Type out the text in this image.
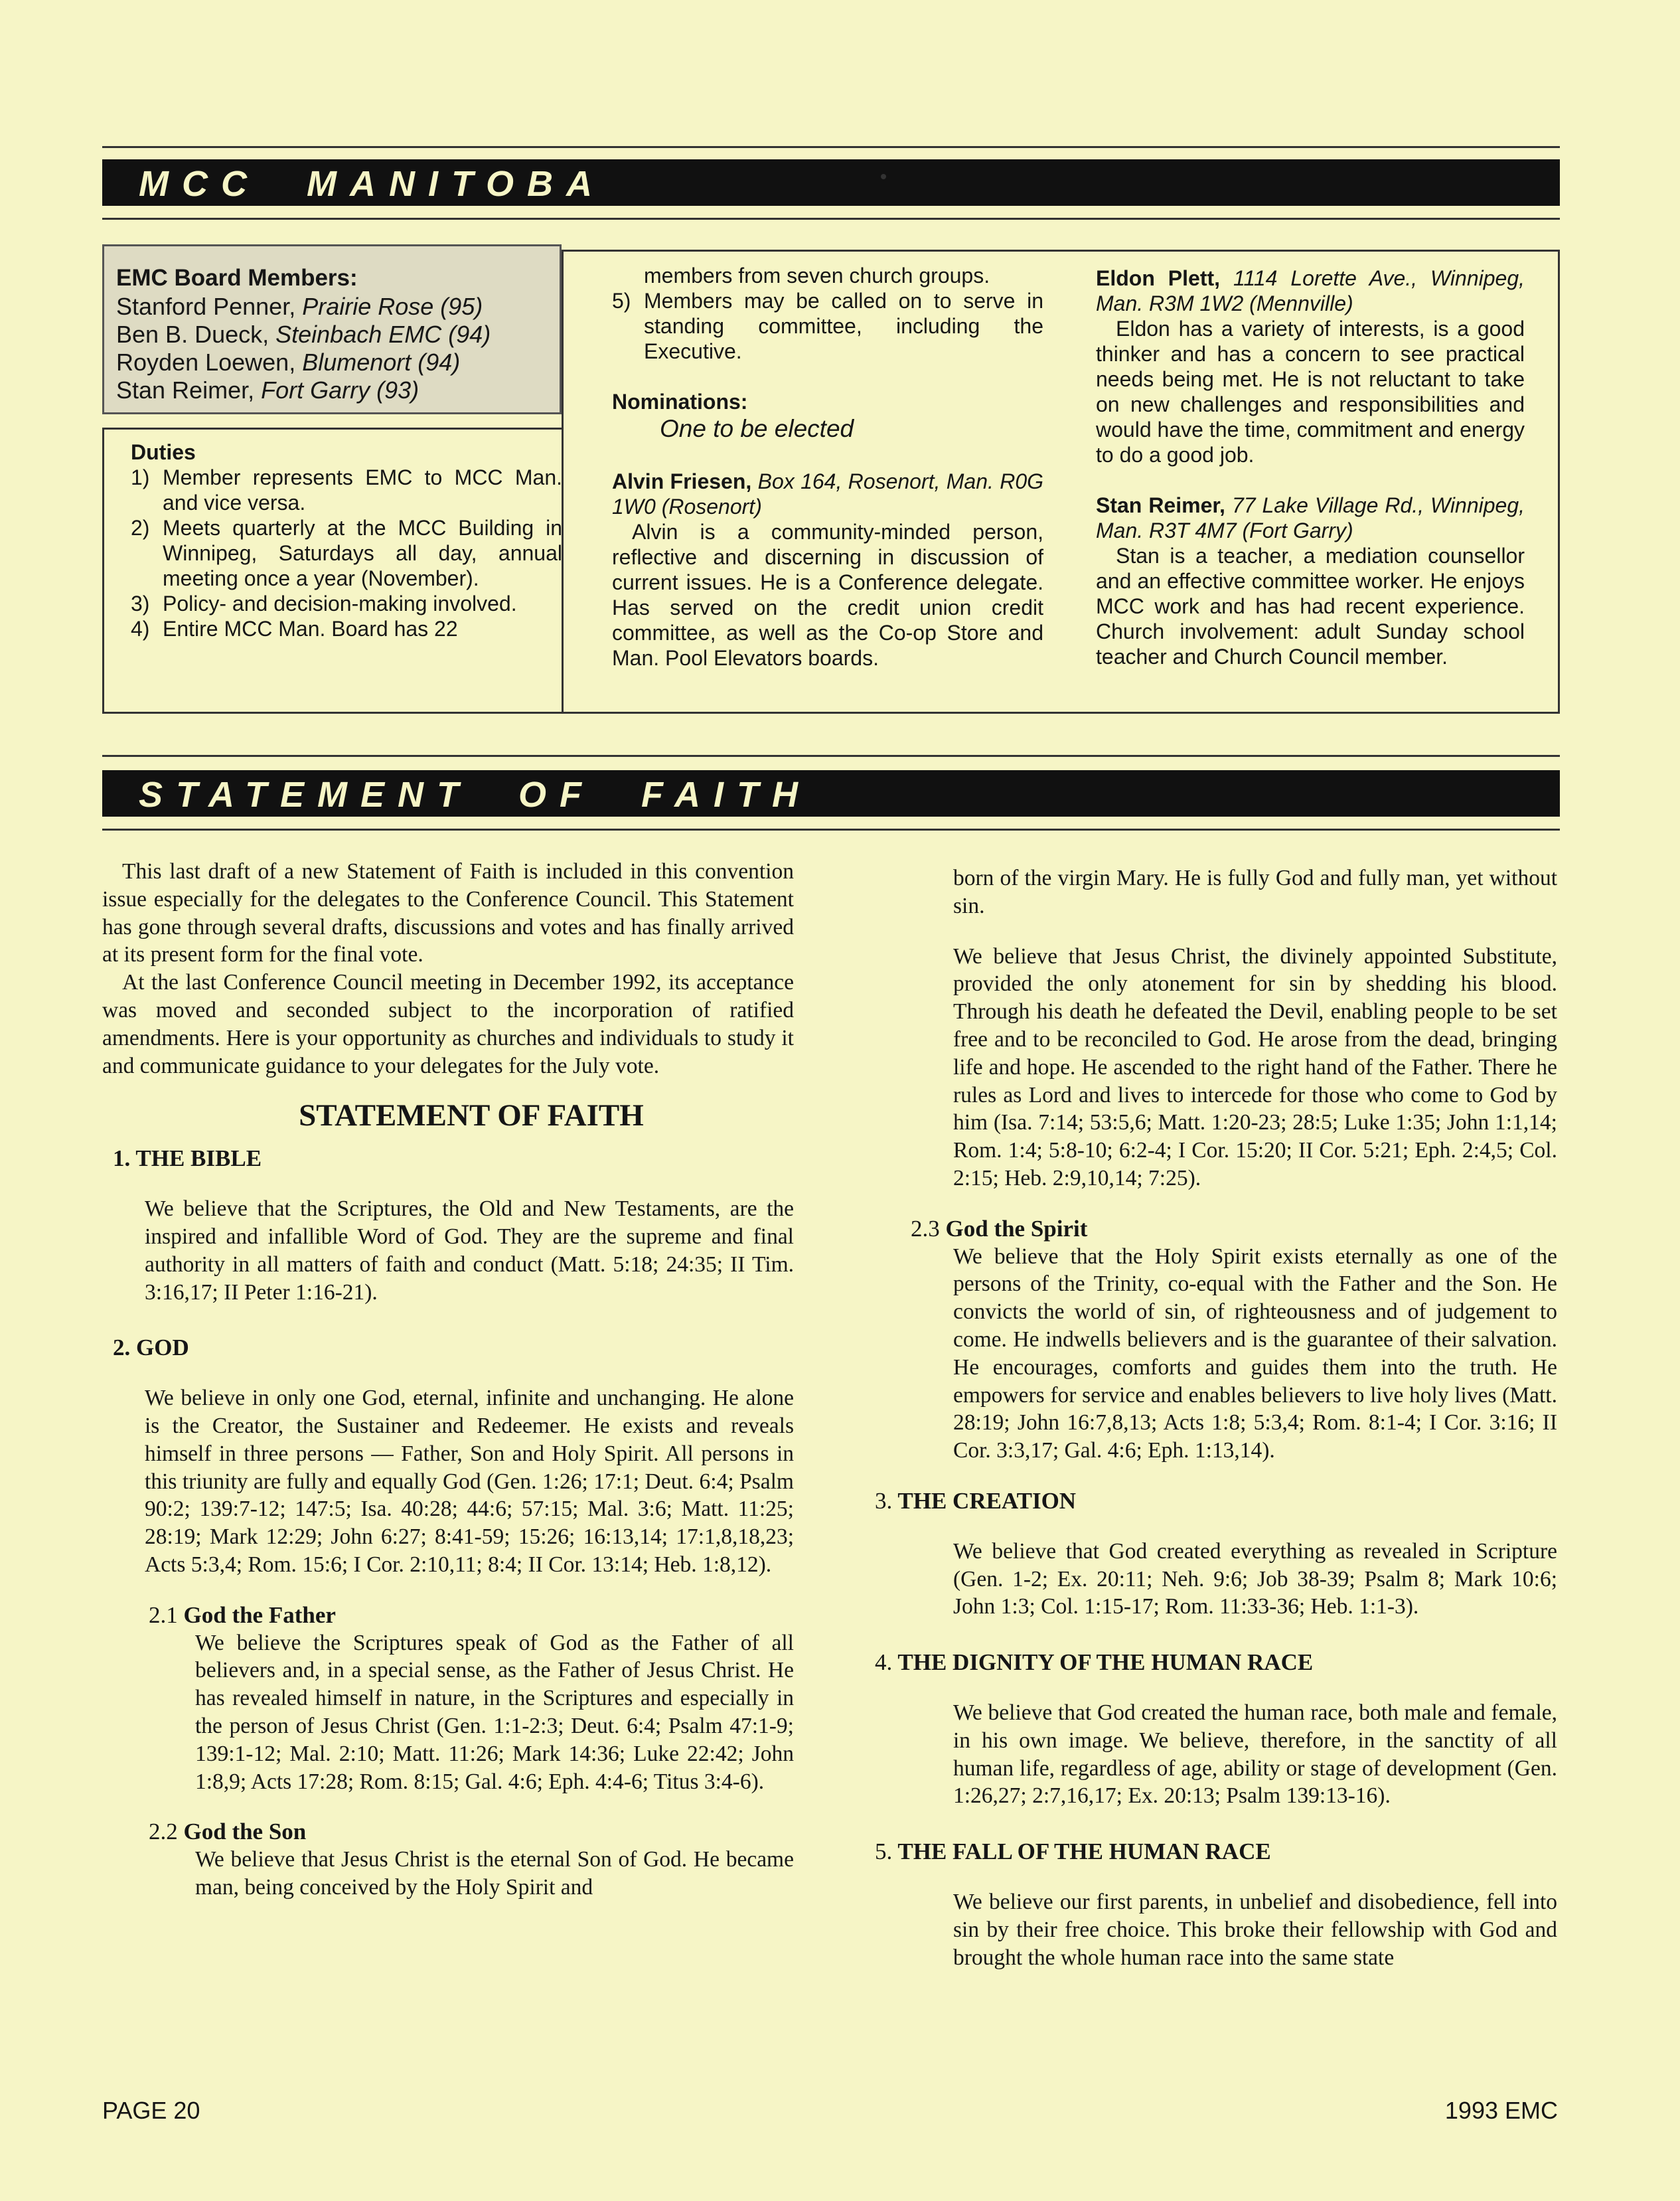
MCC  MANITOBA
EMC Board Members:
Stanford Penner, Prairie Rose (95)
Ben B. Dueck, Steinbach EMC (94)
Royden Loewen, Blumenort (94)
Stan Reimer, Fort Garry (93)
Duties
1) Member represents EMC to MCC Man. and vice versa.
2) Meets quarterly at the MCC Building in Winnipeg, Saturdays all day, annual meeting once a year (November).
3) Policy- and decision-making involved.
4) Entire MCC Man. Board has 22
members from seven church groups.
5) Members may be called on to serve in standing committee, including the Executive.
Nominations:
One to be elected
Alvin Friesen, Box 164, Rosenort, Man. R0G 1W0 (Rosenort)
Alvin is a community-minded person, reflective and discerning in discussion of current issues. He is a Conference delegate. Has served on the credit union credit committee, as well as the Co-op Store and Man. Pool Elevators boards.
Eldon Plett, 1114 Lorette Ave., Winnipeg, Man. R3M 1W2 (Mennville)
Eldon has a variety of interests, is a good thinker and has a concern to see practical needs being met. He is not reluctant to take on new challenges and responsibilities and would have the time, commitment and energy to do a good job.
Stan Reimer, 77 Lake Village Rd., Winnipeg, Man. R3T 4M7 (Fort Garry)
Stan is a teacher, a mediation counsellor and an effective committee worker. He enjoys MCC work and has had recent experience. Church involvement: adult Sunday school teacher and Church Council member.
STATEMENT  OF  FAITH

This last draft of a new Statement of Faith is included in this convention issue especially for the delegates to the Conference Council. This Statement has gone through several drafts, discussions and votes and has finally arrived at its present form for the final vote.

At the last Conference Council meeting in December 1992, its acceptance was moved and seconded subject to the incorporation of ratified amendments. Here is your opportunity as churches and individuals to study it and communicate guidance to your delegates for the July vote.

STATEMENT OF FAITH

1. THE BIBLE

We believe that the Scriptures, the Old and New Testaments, are the inspired and infallible Word of God. They are the supreme and final authority in all matters of faith and conduct (Matt. 5:18; 24:35; II Tim. 3:16,17; II Peter 1:16-21).

2. GOD

We believe in only one God, eternal, infinite and unchanging. He alone is the Creator, the Sustainer and Redeemer. He exists and reveals himself in three persons — Father, Son and Holy Spirit. All persons in this triunity are fully and equally God (Gen. 1:26; 17:1; Deut. 6:4; Psalm 90:2; 139:7-12; 147:5; Isa. 40:28; 44:6; 57:15; Mal. 3:6; Matt. 11:25; 28:19; Mark 12:29; John 6:27; 8:41-59; 15:26; 16:13,14; 17:1,8,18,23; Acts 5:3,4; Rom. 15:6; I Cor. 2:10,11; 8:4; II Cor. 13:14; Heb. 1:8,12).

2.1 God the Father

We believe the Scriptures speak of God as the Father of all believers and, in a special sense, as the Father of Jesus Christ. He has revealed himself in nature, in the Scriptures and especially in the person of Jesus Christ (Gen. 1:1-2:3; Deut. 6:4; Psalm 47:1-9; 139:1-12; Mal. 2:10; Matt. 11:26; Mark 14:36; Luke 22:42; John 1:8,9; Acts 17:28; Rom. 8:15; Gal. 4:6; Eph. 4:4-6; Titus 3:4-6).

2.2 God the Son

We believe that Jesus Christ is the eternal Son of God. He became man, being conceived by the Holy Spirit and

born of the virgin Mary. He is fully God and fully man, yet without sin.

We believe that Jesus Christ, the divinely appointed Substitute, provided the only atonement for sin by shedding his blood. Through his death he defeated the Devil, enabling people to be set free and to be reconciled to God. He arose from the dead, bringing life and hope. He ascended to the right hand of the Father. There he rules as Lord and lives to intercede for those who come to God by him (Isa. 7:14; 53:5,6; Matt. 1:20-23; 28:5; Luke 1:35; John 1:1,14; Rom. 1:4; 5:8-10; 6:2-4; I Cor. 15:20; II Cor. 5:21; Eph. 2:4,5; Col. 2:15; Heb. 2:9,10,14; 7:25).

2.3 God the Spirit

We believe that the Holy Spirit exists eternally as one of the persons of the Trinity, co-equal with the Father and the Son. He convicts the world of sin, of righteousness and of judgement to come. He indwells believers and is the guarantee of their salvation. He encourages, comforts and guides them into the truth. He empowers for service and enables believers to live holy lives (Matt. 28:19; John 16:7,8,13; Acts 1:8; 5:3,4; Rom. 8:1-4; I Cor. 3:16; II Cor. 3:3,17; Gal. 4:6; Eph. 1:13,14).

3. THE CREATION

We believe that God created everything as revealed in Scripture (Gen. 1-2; Ex. 20:11; Neh. 9:6; Job 38-39; Psalm 8; Mark 10:6; John 1:3; Col. 1:15-17; Rom. 11:33-36; Heb. 1:1-3).

4. THE DIGNITY OF THE HUMAN RACE

We believe that God created the human race, both male and female, in his own image. We believe, therefore, in the sanctity of all human life, regardless of age, ability or stage of development (Gen. 1:26,27; 2:7,16,17; Ex. 20:13; Psalm 139:13-16).

5. THE FALL OF THE HUMAN RACE

We believe our first parents, in unbelief and disobedience, fell into sin by their free choice. This broke their fellowship with God and brought the whole human race into the same state

PAGE 20	1993 EMC
